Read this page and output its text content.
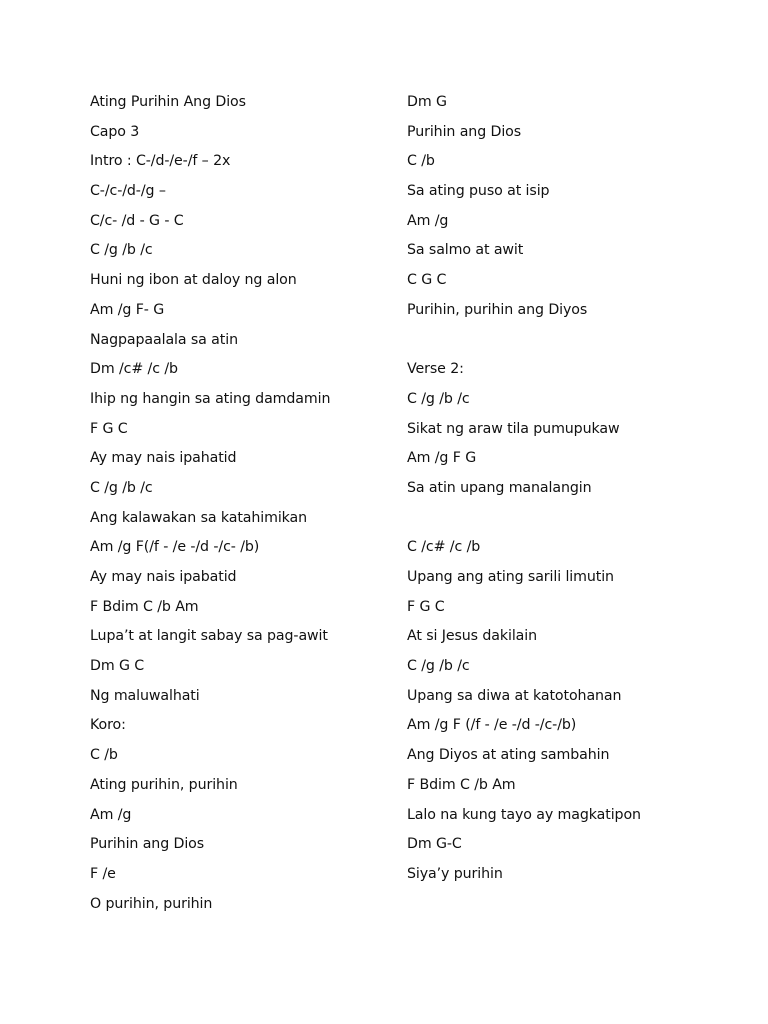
Ating Purihin Ang Dios
Capo 3
Intro : C-/d-/e-/f – 2x
C-/c-/d-/g –
C/c- /d - G - C
C /g /b /c
Huni ng ibon at daloy ng alon
Am /g F- G
Nagpapaalala sa atin
Dm /c# /c /b
Ihip ng hangin sa ating damdamin
F G C
Ay may nais ipahatid
C /g /b /c
Ang kalawakan sa katahimikan
Am /g F(/f - /e -/d -/c- /b)
Ay may nais ipabatid
F Bdim C /b Am
Lupa’t at langit sabay sa pag-awit
Dm G C
Ng maluwalhati
Koro:
C /b
Ating purihin, purihin
Am /g
Purihin ang Dios
F /e
O purihin, purihin
Dm G
Purihin ang Dios
C /b
Sa ating puso at isip
Am /g
Sa salmo at awit
C G C
Purihin, purihin ang Diyos
Verse 2:
C /g /b /c
Sikat ng araw tila pumupukaw
Am /g F G
Sa atin upang manalangin
C /c# /c /b
Upang ang ating sarili limutin
F G C
At si Jesus dakilain
C /g /b /c
Upang sa diwa at katotohanan
Am /g F (/f - /e -/d -/c-/b)
Ang Diyos at ating sambahin
F Bdim C /b Am
Lalo na kung tayo ay magkatipon
Dm G-C
Siya’y purihin
